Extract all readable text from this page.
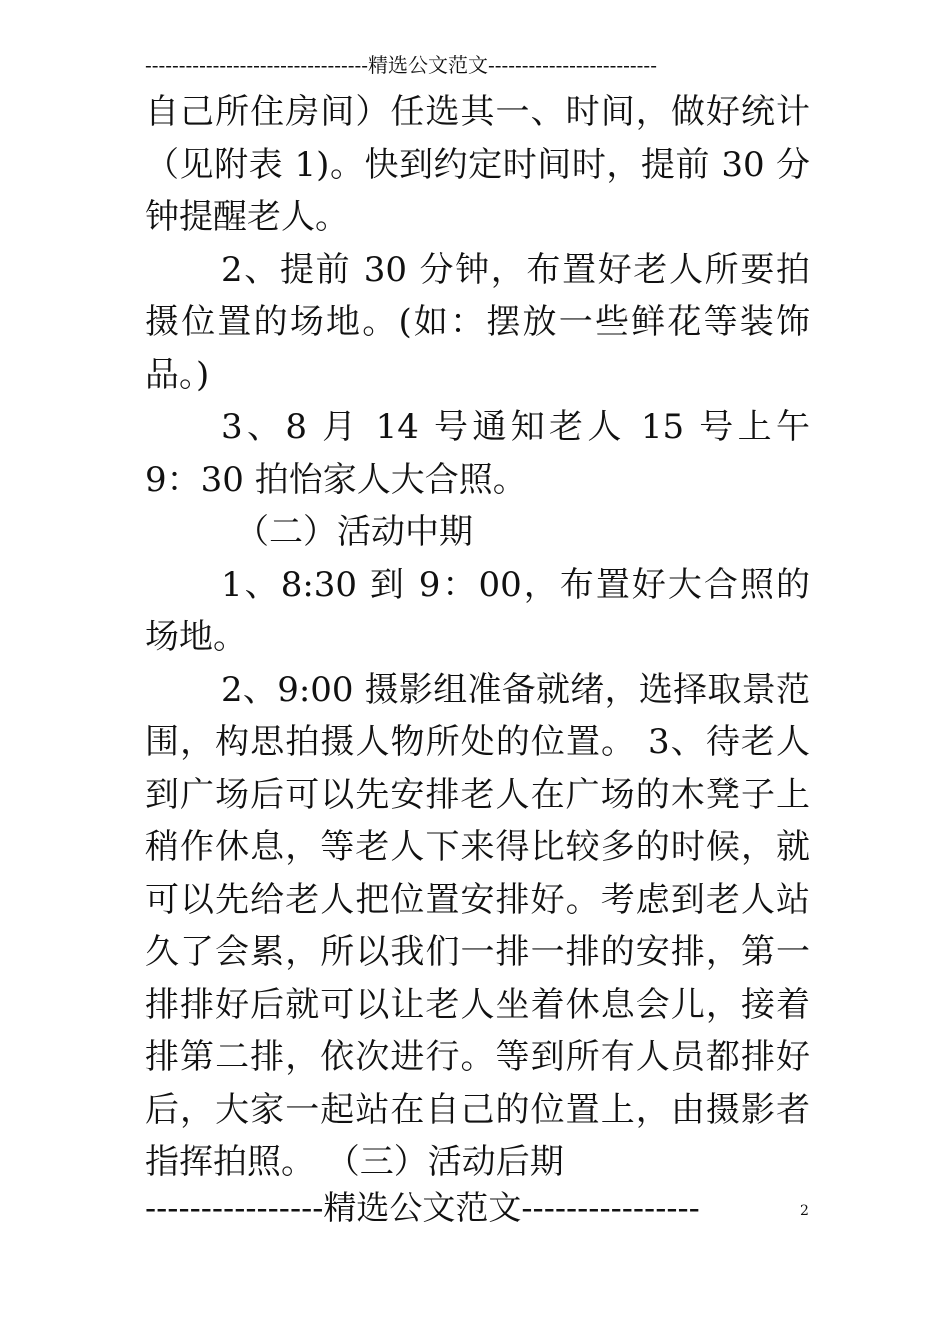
---------------------------------精选公文范文-------------------------

自己所住房间）任选其一、时间，做好统计（见附表 1)。快到约定时间时，提前 30 分钟提醒老人。

2、提前 30 分钟，布置好老人所要拍摄位置的场地。(如：摆放一些鲜花等装饰品。)

3、8 月 14 号通知老人 15 号上午 9：30 拍怡家人大合照。

（二）活动中期

1、8:30 到 9：00，布置好大合照的场地。

2、9:00 摄影组准备就绪，选择取景范围，构思拍摄人物所处的位置。 3、待老人到广场后可以先安排老人在广场的木凳子上稍作休息，等老人下来得比较多的时候，就可以先给老人把位置安排好。考虑到老人站久了会累，所以我们一排一排的安排，第一排排好后就可以让老人坐着休息会儿，接着排第二排，依次进行。等到所有人员都排好后，大家一起站在自己的位置上，由摄影者指挥拍照。 （三）活动后期

----------------精选公文范文----------------	2
